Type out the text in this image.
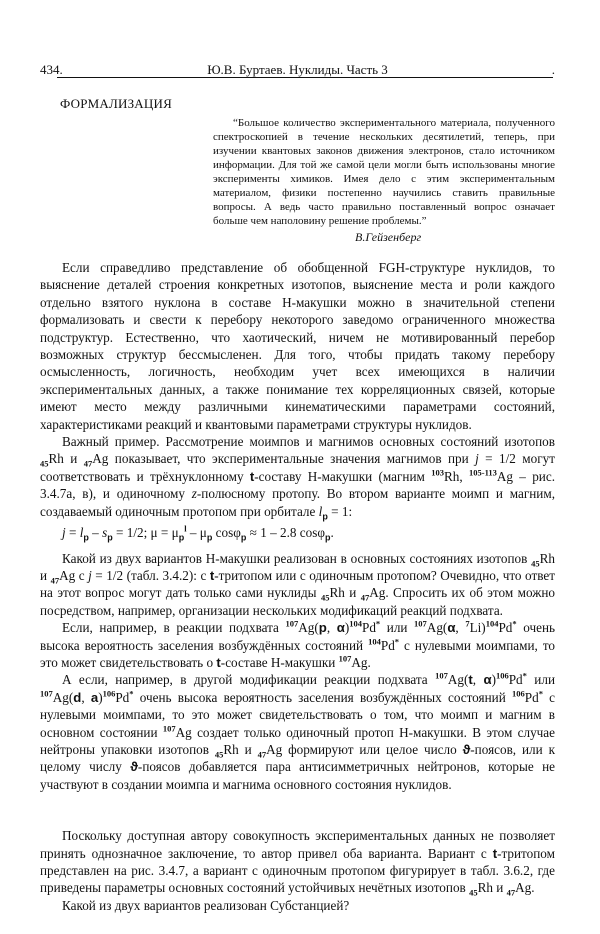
434.	Ю.В. Буртаев. Нуклиды. Часть 3	.
ФОРМАЛИЗАЦИЯ

“Большое количество экспериментального материала, полученного спектроскопией в течение нескольких десятилетий, теперь, при изучении квантовых законов движения электронов, стало источником информации. Для той же самой цели могли быть использованы многие эксперименты химиков. Имея дело с этим экспериментальным материалом, физики постепенно научились ставить правильные вопросы. А ведь часто правильно поставленный вопрос означает больше чем наполовину решение проблемы.”

В.Гейзенберг

Если справедливо представление об обобщенной FGH-структуре нуклидов, то выяснение деталей строения конкретных изотопов, выяснение места и роли каждого отдельно взятого нуклона в составе H-макушки можно в значительной степени формализовать и свести к перебору некоторого заведомо ограниченного множества подструктур. Естественно, что хаотический, ничем не мотивированный перебор возможных структур бессмысленен. Для того, чтобы придать такому перебору осмысленность, логичность, необходим учет всех имеющихся в наличии экспериментальных данных, а также понимание тех корреляционных связей, которые имеют место между различными кинематическими параметрами состояний, характеристиками реакций и квантовыми параметрами структуры нуклидов.

Важный пример. Рассмотрение моимпов и магнимов основных состояний изотопов $_{45}$Rh и $_{47}$Ag показывает, что экспериментальные значения магнимов при j = 1/2 могут соответствовать и трёхнуклонному t-составу H-макушки (магним $^{103}$Rh, $^{105-113}$Ag – рис. 3.4.7а, в), и одиночному z-полюсному протопу. Во втором варианте моимп и магним, создаваемый одиночным протопом при орбитале $l_p = 1$:

$j = l_p - s_p = 1/2$; $\mu = \mu_p^l - \mu_p$ cosφ$_p$ ≈ 1 – 2.8 cosφ$_p$.

Какой из двух вариантов H-макушки реализован в основных состояниях изотопов $_{45}$Rh и $_{47}$Ag с j = 1/2 (табл. 3.4.2): с t-тритопом или с одиночным протопом? Очевидно, что ответ на этот вопрос могут дать только сами нуклиды $_{45}$Rh и $_{47}$Ag. Спросить их об этом можно посредством, например, организации нескольких модификаций реакций подхвата.

Если, например, в реакции подхвата $^{107}$Ag(p, α)$^{104}$Pd* или $^{107}$Ag(α, $^7$Li)$^{104}$Pd* очень высока вероятность заселения возбуждённых состояний $^{104}$Pd* с нулевыми моимпами, то это может свидетельствовать о t-составе H-макушки $^{107}$Ag.

А если, например, в другой модификации реакции подхвата $^{107}$Ag(t, α)$^{106}$Pd* или $^{107}$Ag(d, a)$^{106}$Pd* очень высока вероятность заселения возбуждённых состояний $^{106}$Pd* с нулевыми моимпами, то это может свидетельствовать о том, что моимп и магним в основном состоянии $^{107}$Ag создает только одиночный протоп H-макушки. В этом случае нейтроны упаковки изотопов $_{45}$Rh и $_{47}$Ag формируют или целое число ϑ-поясов, или к целому числу ϑ-поясов добавляется пара антисимметричных нейтронов, которые не участвуют в создании моимпа и магнима основного состояния нуклидов.

Поскольку доступная автору совокупность экспериментальных данных не позволяет принять однозначное заключение, то автор привел оба варианта. Вариант с t-тритопом представлен на рис. 3.4.7, а вариант с одиночным протопом фигурирует в табл. 3.6.2, где приведены параметры основных состояний устойчивых нечётных изотопов $_{45}$Rh и $_{47}$Ag.

Какой из двух вариантов реализован Субстанцией?
